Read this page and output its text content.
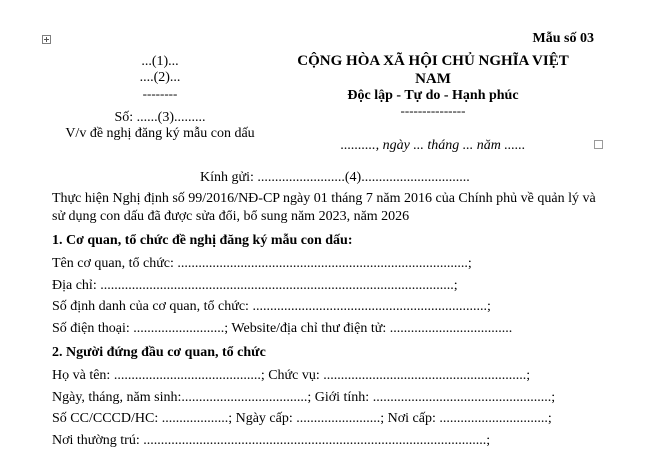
Mẫu số 03
...(1)...
....(2)...
--------
Số: ......(3).........
V/v đề nghị đăng ký mẫu con dấu
CỘNG HÒA XÃ HỘI CHỦ NGHĨA VIỆT NAM
Độc lập - Tự do - Hạnh phúc
---------------
.........., ngày ... tháng ... năm ......
Kính gửi: .........................(4)...............................
Thực hiện Nghị định số 99/2016/NĐ-CP ngày 01 tháng 7 năm 2016 của Chính phủ về quản lý và
sử dụng con dấu đã được sửa đổi, bổ sung năm 2023, năm 2026
1. Cơ quan, tổ chức đề nghị đăng ký mẫu con dấu:
Tên cơ quan, tổ chức: ...................................................................................;
Địa chỉ: .....................................................................................................;
Số định danh của cơ quan, tổ chức: ...................................................................;
Số điện thoại: ..........................; Website/địa chỉ thư điện tử: ...................................
2. Người đứng đầu cơ quan, tổ chức
Họ và tên: ..........................................; Chức vụ: ..........................................................;
Ngày, tháng, năm sinh:....................................; Giới tính: ...................................................;
Số CC/CCCD/HC: ...................; Ngày cấp: ........................; Nơi cấp: ...............................;
Nơi thường trú: ..................................................................................................;
